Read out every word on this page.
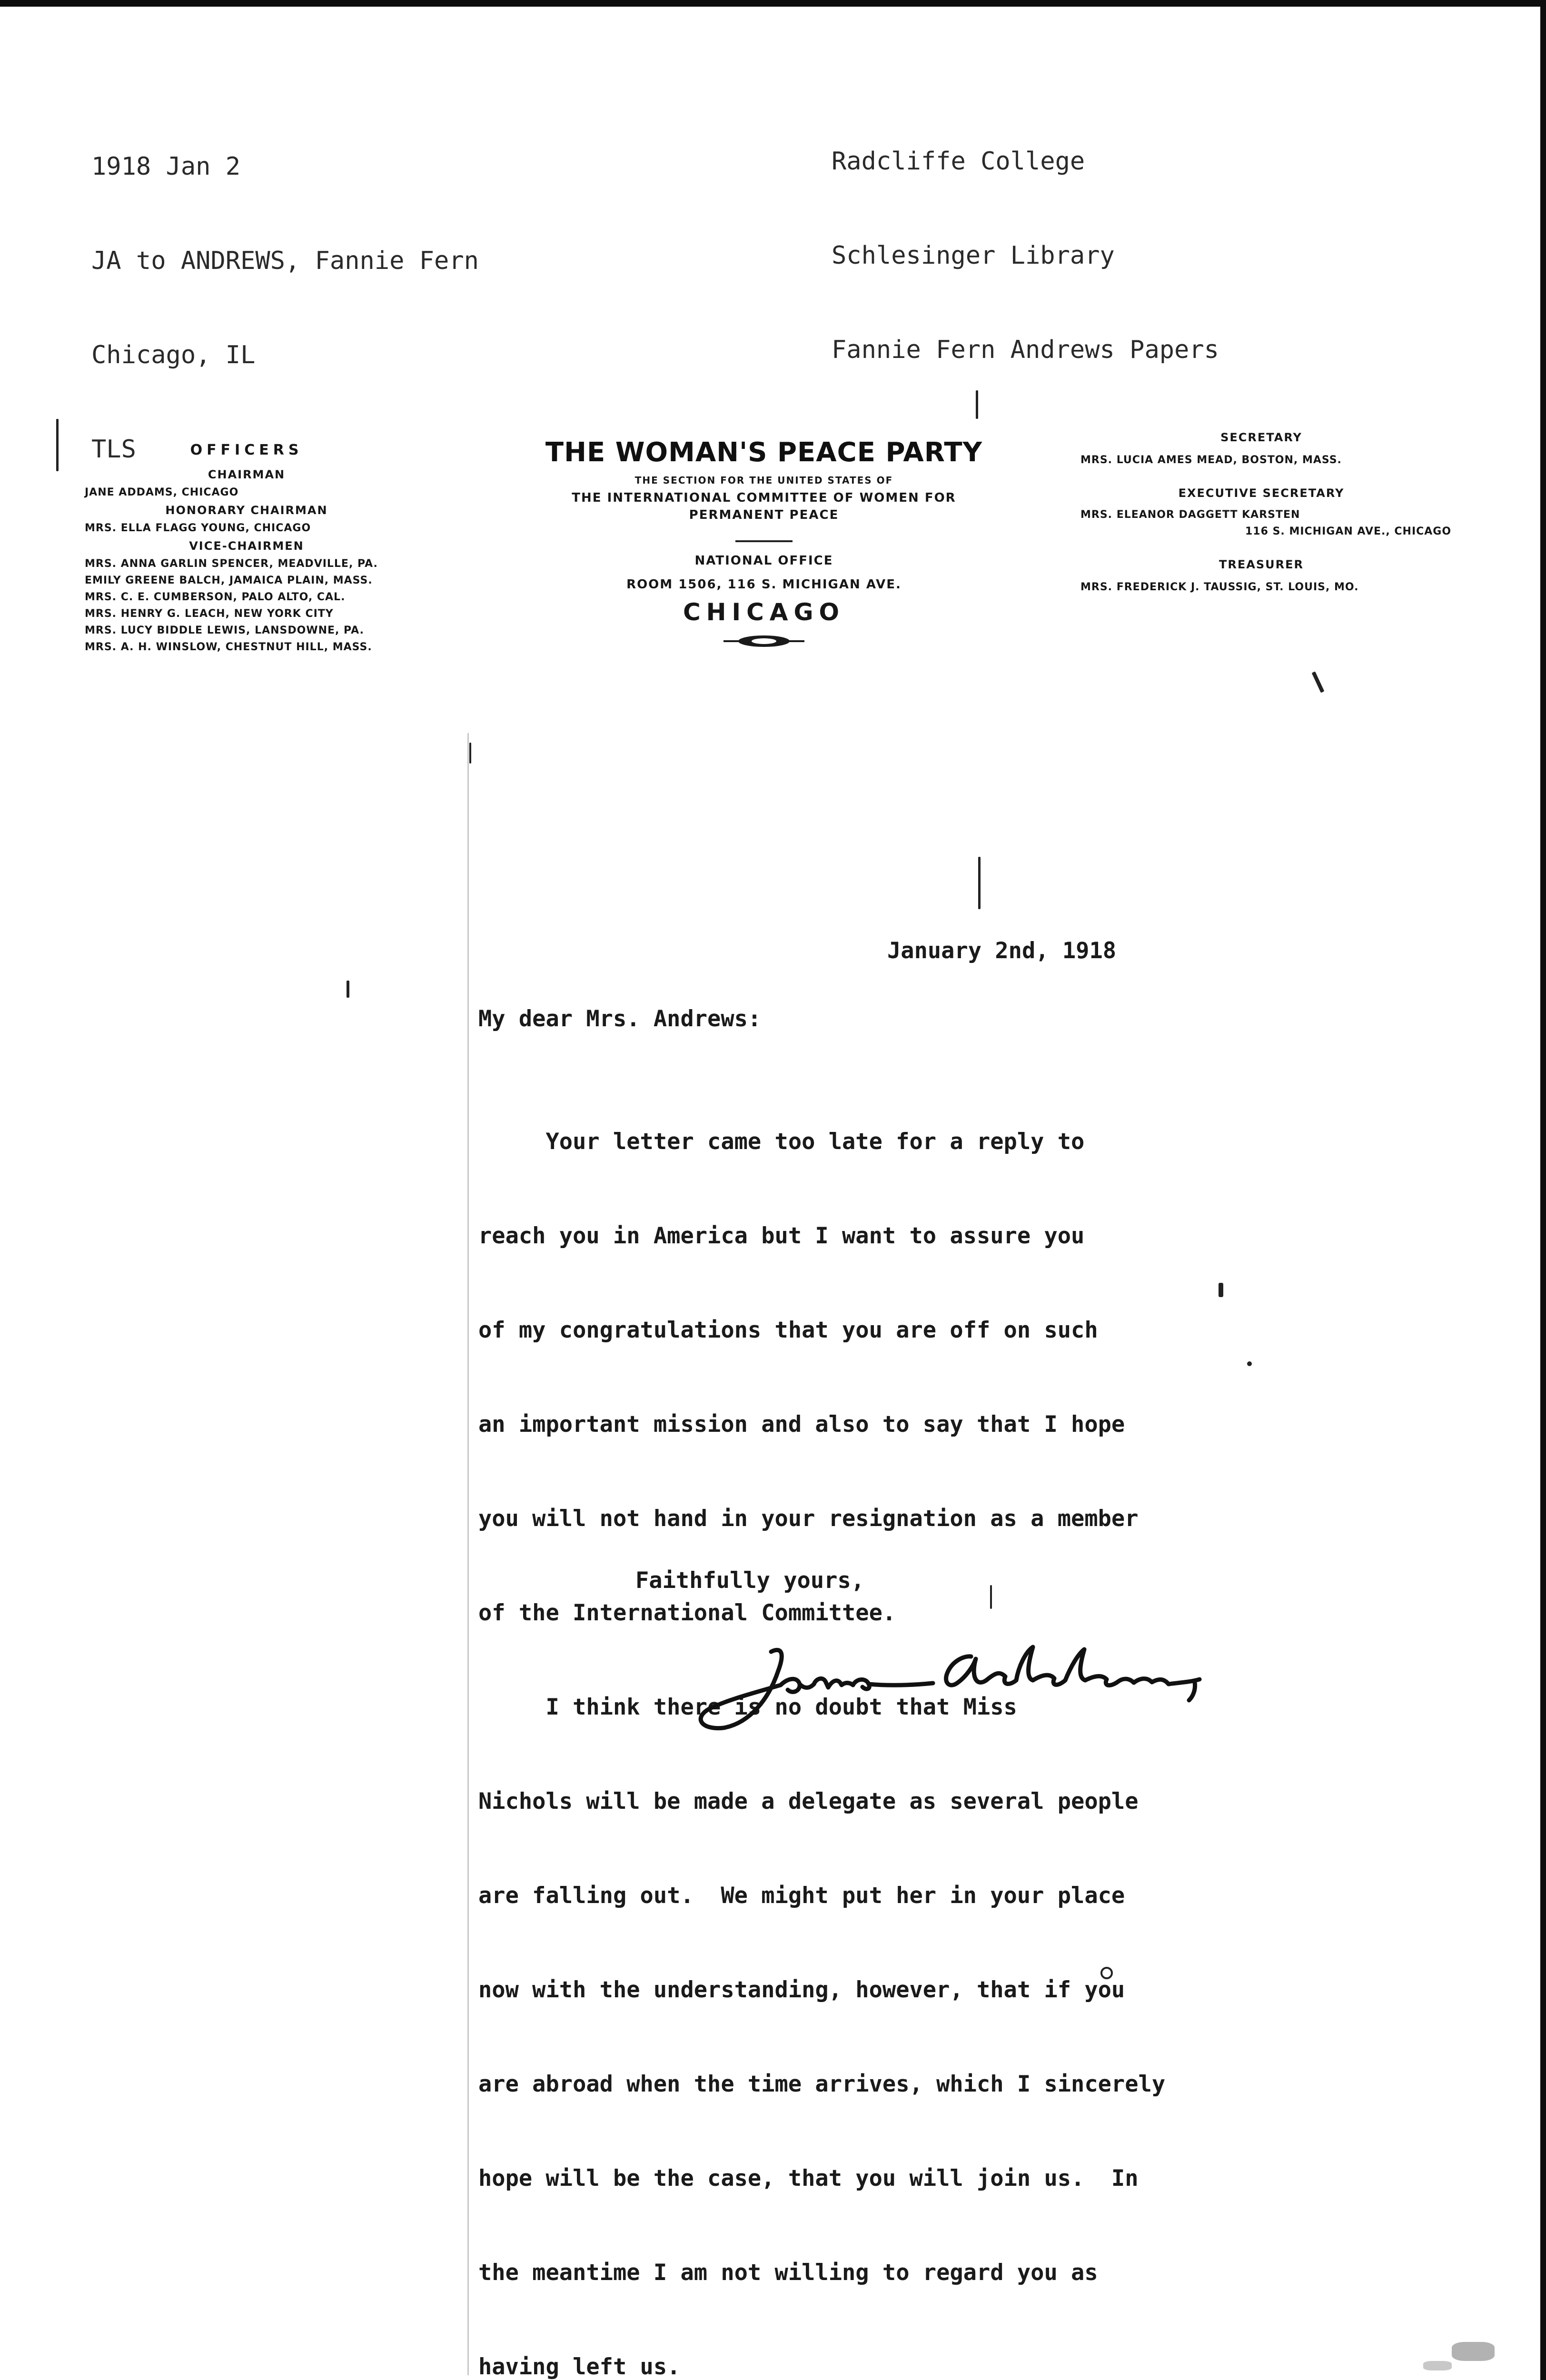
1918 Jan 2

JA to ANDREWS, Fannie Fern

Chicago, IL

TLS

Radcliffe College

Schlesinger Library

Fannie Fern Andrews Papers

OFFICERS
CHAIRMAN
JANE ADDAMS, CHICAGO
HONORARY CHAIRMAN
MRS. ELLA FLAGG YOUNG, CHICAGO
VICE-CHAIRMEN
MRS. ANNA GARLIN SPENCER, MEADVILLE, PA.
EMILY GREENE BALCH, JAMAICA PLAIN, MASS.
MRS. C. E. CUMBERSON, PALO ALTO, CAL.
MRS. HENRY G. LEACH, NEW YORK CITY
MRS. LUCY BIDDLE LEWIS, LANSDOWNE, PA.
MRS. A. H. WINSLOW, CHESTNUT HILL, MASS.
THE WOMAN'S PEACE PARTY
THE SECTION FOR THE UNITED STATES OF
THE INTERNATIONAL COMMITTEE OF WOMEN FOR
PERMANENT PEACE
NATIONAL OFFICE
ROOM 1506, 116 S. MICHIGAN AVE.
CHICAGO
SECRETARY
MRS. LUCIA AMES MEAD, BOSTON, MASS.
EXECUTIVE SECRETARY
MRS. ELEANOR DAGGETT KARSTEN
116 S. MICHIGAN AVE., CHICAGO
TREASURER
MRS. FREDERICK J. TAUSSIG, ST. LOUIS, MO.
January 2nd, 1918
My dear Mrs. Andrews:

Your letter came too late for a reply to

reach you in America but I want to assure you

of my congratulations that you are off on such

an important mission and also to say that I hope

you will not hand in your resignation as a member

of the International Committee.

I think there is no doubt that Miss

Nichols will be made a delegate as several people

are falling out.  We might put her in your place

now with the understanding, however, that if you

are abroad when the time arrives, which I sincerely

hope will be the case, that you will join us.  In

the meantime I am not willing to regard you as

having left us.

Faithfully yours,
